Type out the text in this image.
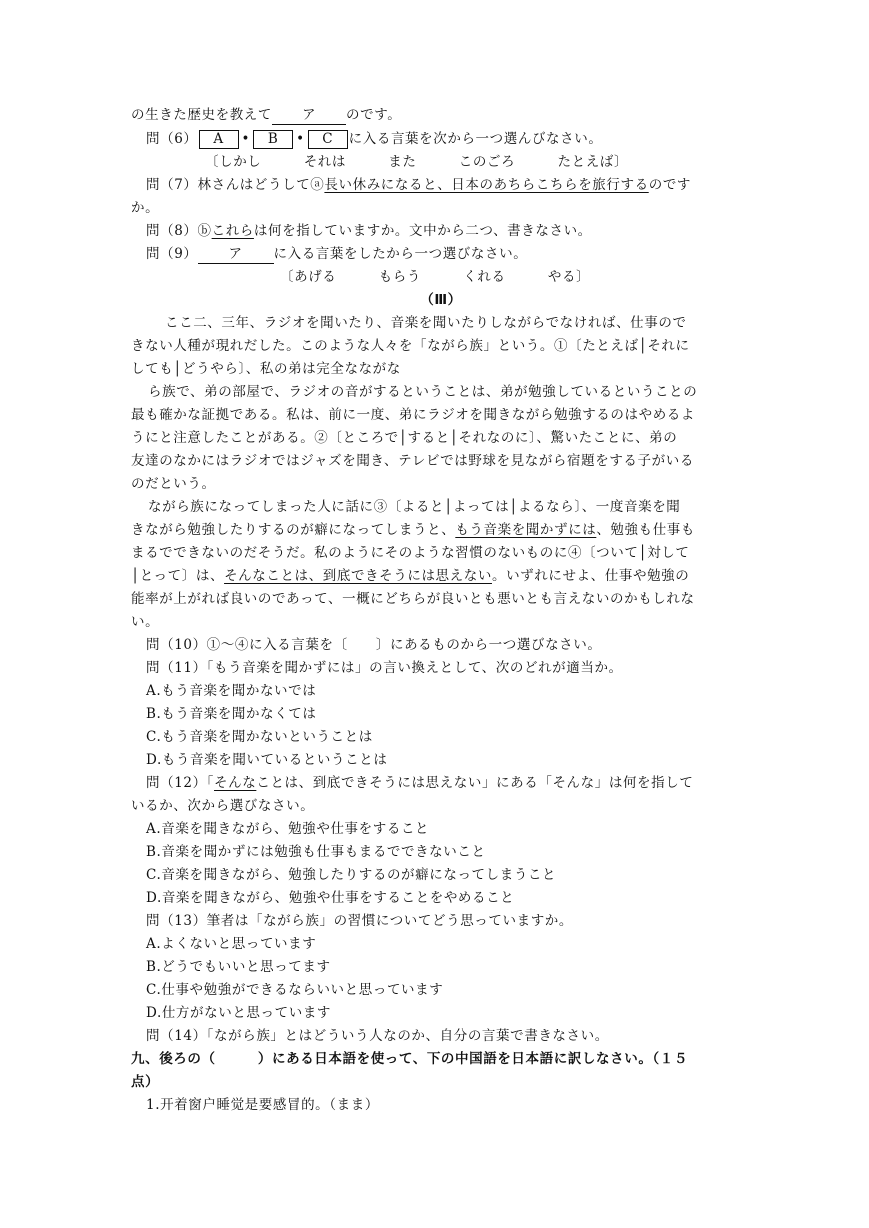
の生きた歴史を教えて ア のです。
問（6） A • B • C に入る言葉を次から一つ選んびなさい。
〔しかし　　　それは　　　また　　　このごろ　　　たとえば〕
問（7）林さんはどうしてⓐ長い休みになると、日本のあちらこちらを旅行するのです
か。
問（8）ⓑこれらは何を指していますか。文中から二つ、書きなさい。
問（9） ア に入る言葉をしたから一つ選びなさい。
〔あげる　　　もらう　　　くれる　　　やる〕
（Ⅲ）
ここ二、三年、ラジオを聞いたり、音楽を聞いたりしながらでなければ、仕事ので
きない人種が現れだした。このような人々を「ながら族」という。①〔たとえば│それに
しても│どうやら〕、私の弟は完全なながな
ら族で、弟の部屋で、ラジオの音がするということは、弟が勉強しているということの
最も確かな証拠である。私は、前に一度、弟にラジオを聞きながら勉強するのはやめるよ
うにと注意したことがある。②〔ところで│すると│それなのに〕、驚いたことに、弟の
友達のなかにはラジオではジャズを聞き、テレビでは野球を見ながら宿題をする子がいる
のだという。
ながら族になってしまった人に話に③〔よると│よっては│よるなら〕、一度音楽を聞
きながら勉強したりするのが癖になってしまうと、もう音楽を聞かずには、勉強も仕事も
まるでできないのだそうだ。私のようにそのような習慣のないものに④〔ついて│対して
│とって〕は、そんなことは、到底できそうには思えない。いずれにせよ、仕事や勉強の
能率が上がれば良いのであって、一概にどちらが良いとも悪いとも言えないのかもしれな
い。
問（10）①～④に入る言葉を〔　　〕にあるものから一つ選びなさい。
問（11）「もう音楽を聞かずには」の言い換えとして、次のどれが適当か。
A.もう音楽を聞かないでは
B.もう音楽を聞かなくては
C.もう音楽を聞かないということは
D.もう音楽を聞いているということは
問（12）「そんなことは、到底できそうには思えない」にある「そんな」は何を指して
いるか、次から選びなさい。
A.音楽を聞きながら、勉強や仕事をすること
B.音楽を聞かずには勉強も仕事もまるでできないこと
C.音楽を聞きながら、勉強したりするのが癖になってしまうこと
D.音楽を聞きながら、勉強や仕事をすることをやめること
問（13）筆者は「ながら族」の習慣についてどう思っていますか。
A.よくないと思っています
B.どうでもいいと思ってます
C.仕事や勉強ができるならいいと思っています
D.仕方がないと思っています
問（14）「ながら族」とはどういう人なのか、自分の言葉で書きなさい。
九、後ろの（　　　）にある日本語を使って、下の中国語を日本語に訳しなさい。（１５
点）
1.开着窗户睡觉是要感冒的。（まま）
